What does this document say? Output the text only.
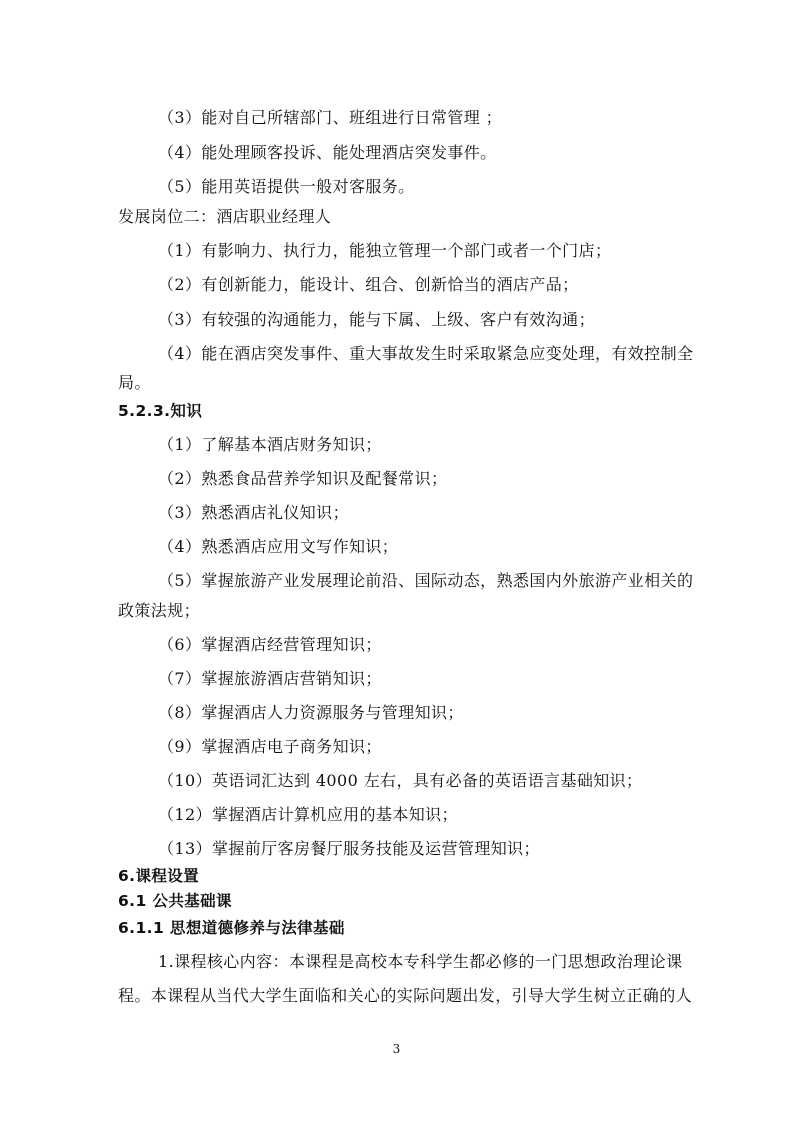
（3）能对自己所辖部门、班组进行日常管理 ；
（4）能处理顾客投诉、能处理酒店突发事件。
（5）能用英语提供一般对客服务。
发展岗位二：酒店职业经理人
（1）有影响力、执行力，能独立管理一个部门或者一个门店；
（2）有创新能力，能设计、组合、创新恰当的酒店产品；
（3）有较强的沟通能力，能与下属、上级、客户有效沟通；
（4）能在酒店突发事件、重大事故发生时采取紧急应变处理，有效控制全
局。
5.2.3.知识
（1）了解基本酒店财务知识；
（2）熟悉食品营养学知识及配餐常识；
（3）熟悉酒店礼仪知识；
（4）熟悉酒店应用文写作知识；
（5）掌握旅游产业发展理论前沿、国际动态，熟悉国内外旅游产业相关的
政策法规；
（6）掌握酒店经营管理知识；
（7）掌握旅游酒店营销知识；
（8）掌握酒店人力资源服务与管理知识；
（9）掌握酒店电子商务知识；
（10）英语词汇达到 4000 左右，具有必备的英语语言基础知识；
（12）掌握酒店计算机应用的基本知识；
（13）掌握前厅客房餐厅服务技能及运营管理知识；
6.课程设置
6.1 公共基础课
6.1.1 思想道德修养与法律基础
1.课程核心内容：本课程是高校本专科学生都必修的一门思想政治理论课
程。本课程从当代大学生面临和关心的实际问题出发，引导大学生树立正确的人
3
